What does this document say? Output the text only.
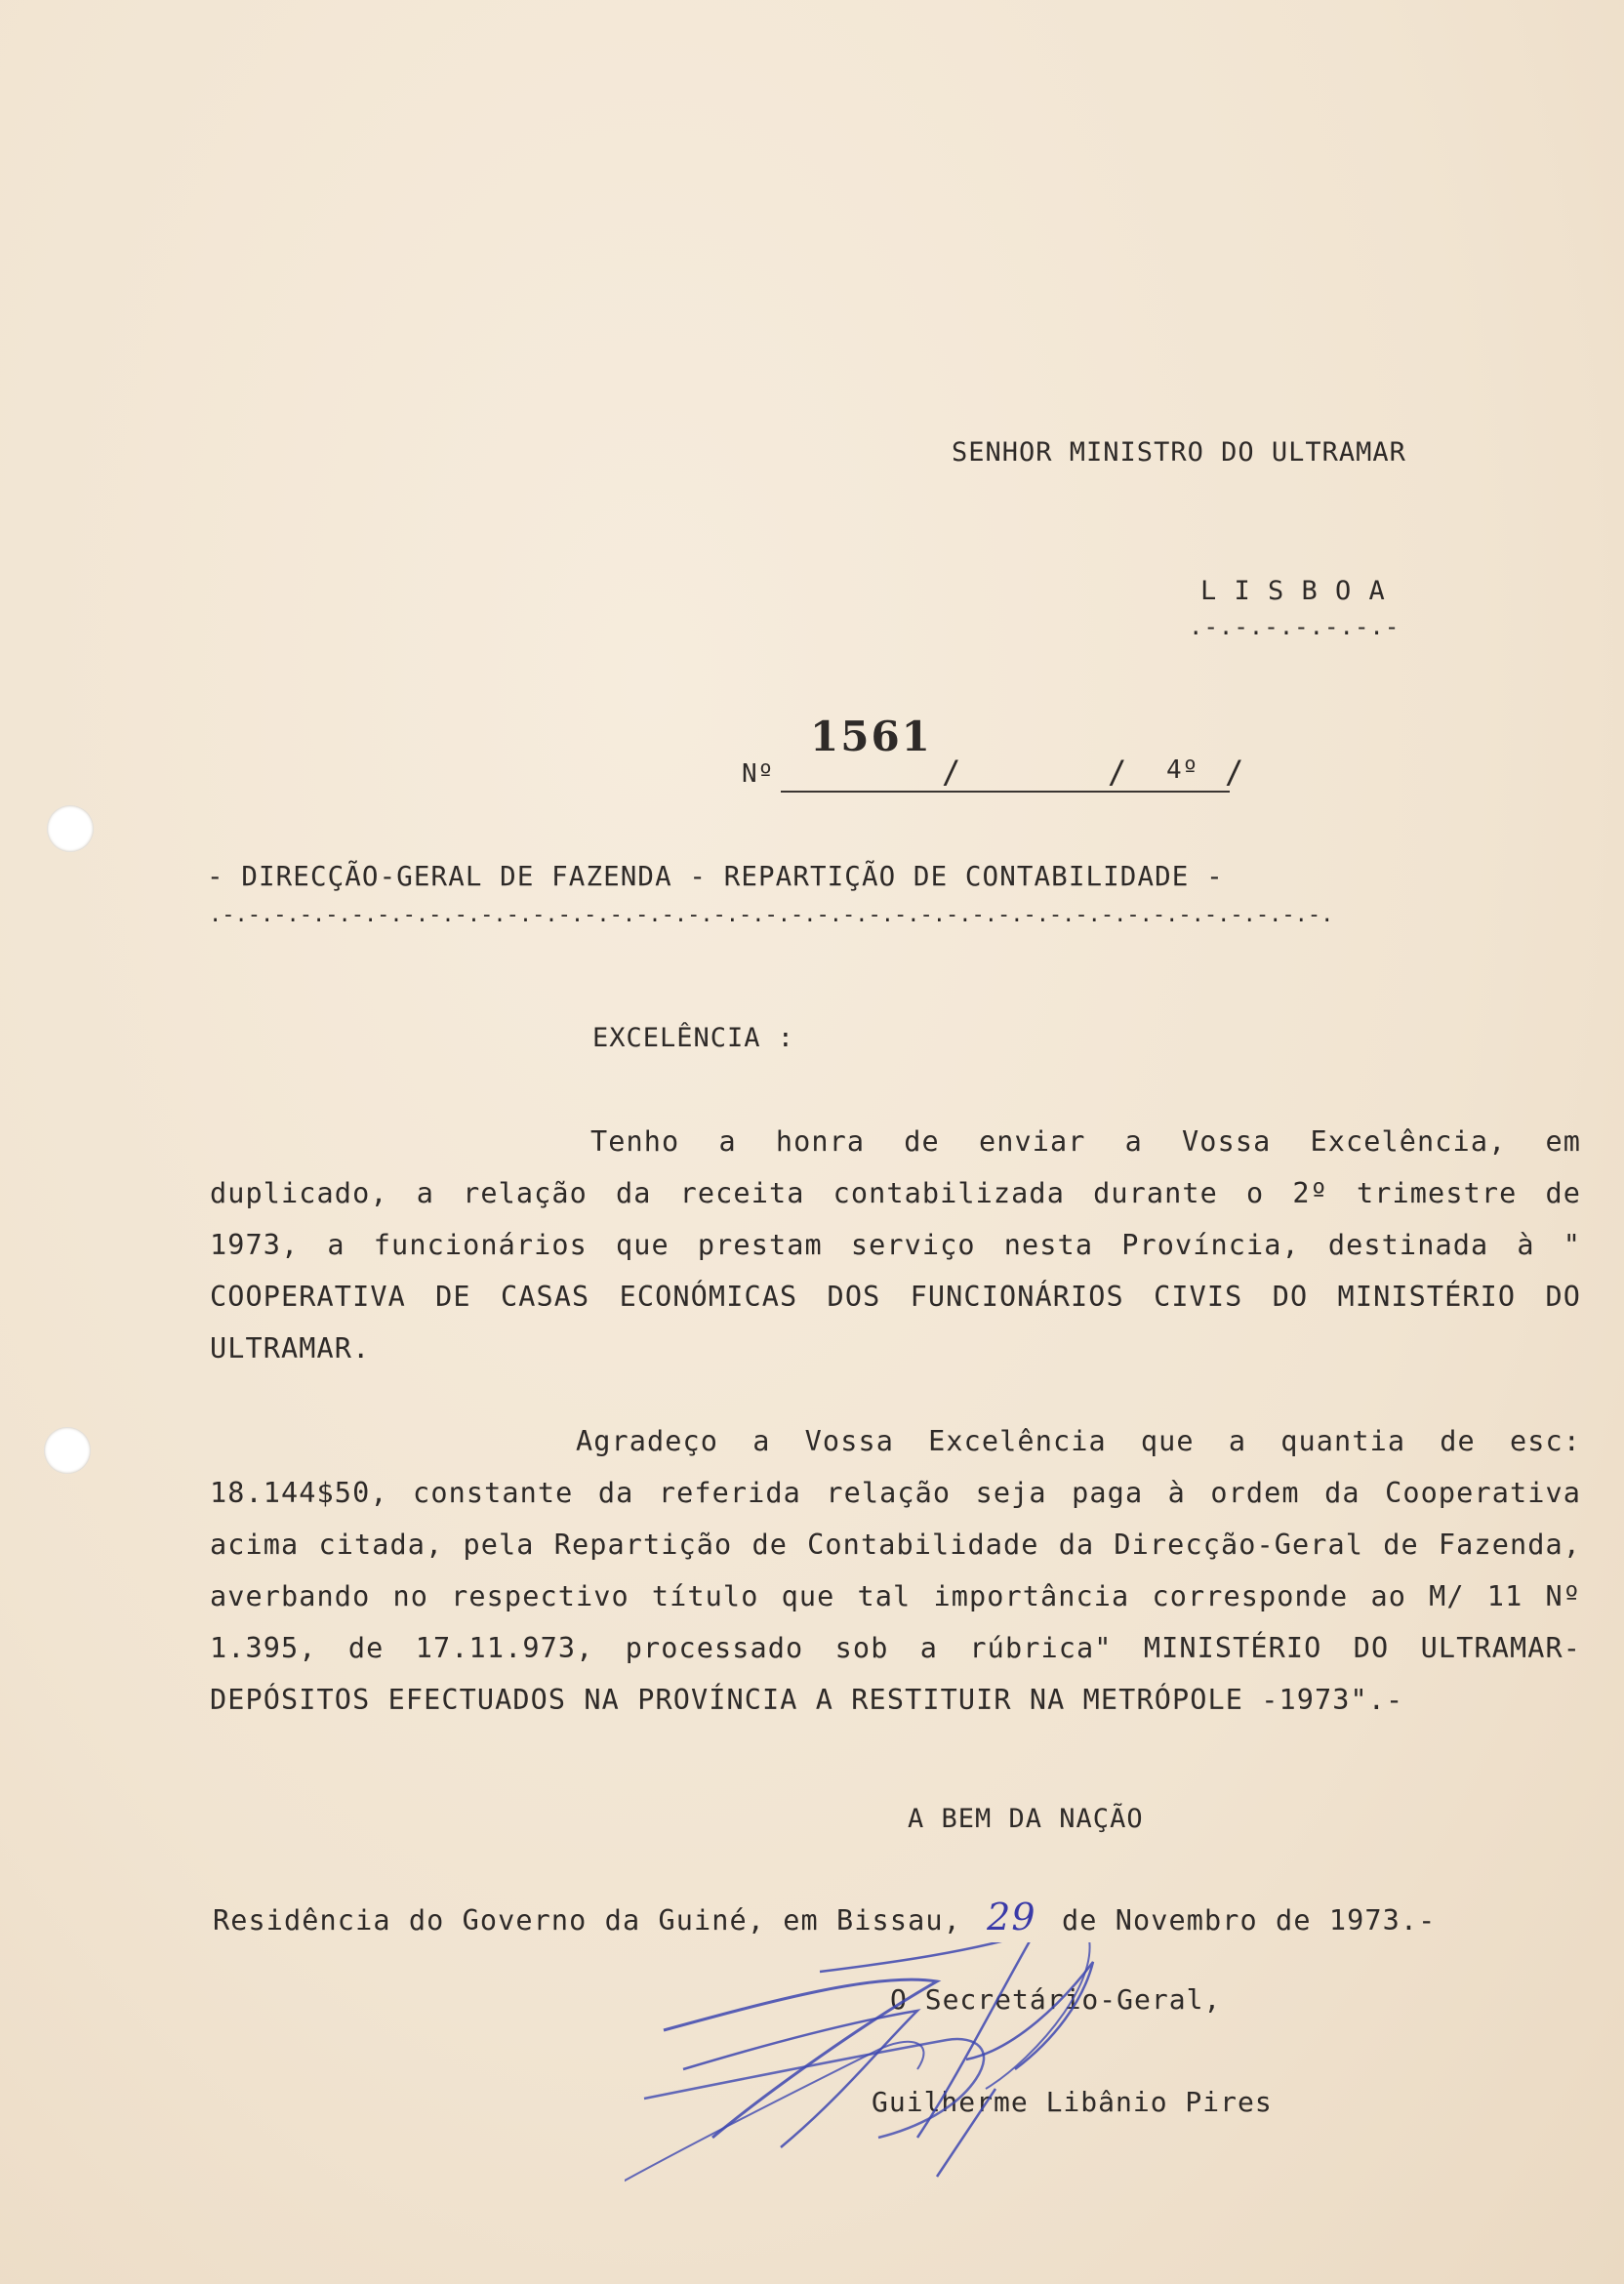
SENHOR MINISTRO DO ULTRAMAR
L I S B O A
.-.-.-.-.-.-.-
Nº
1561
/	/ 4º /
- DIRECÇÃO-GERAL DE FAZENDA - REPARTIÇÃO DE CONTABILIDADE -
.-.-.-.-.-.-.-.-.-.-.-.-.-.-.-.-.-.-.-.-.-.-.-.-.-.-.-.-.-.-.-.-.-.-.-.-.-.-.-.-.-.-.-.
EXCELÊNCIA :
Tenho a honra de enviar a Vossa Excelência, em duplicado, a relação da receita contabilizada durante o 2º trimestre de 1973, a funcionários que prestam serviço nesta Província, destinada à " COOPERATIVA DE CASAS ECONÓMICAS DOS FUNCIONÁRIOS CIVIS DO MINISTÉRIO DO ULTRAMAR.
Agradeço a Vossa Excelência que a quantia de esc: 18.144$50, constante da referida relação seja paga à ordem da Cooperativa acima citada, pela Repartição de Contabilidade da Direcção-Geral de Fazenda, averbando no respectivo título que tal importância corresponde ao M/ 11 Nº 1.395, de 17.11.973, processado sob a rúbrica" MINISTÉRIO DO ULTRAMAR- DEPÓSITOS EFECTUADOS NA PROVÍNCIA A RESTITUIR NA METRÓPOLE -1973".-
A BEM DA NAÇÃO
Residência do Governo da Guiné, em Bissau, 29 de Novembro de 1973.-
O Secretário-Geral,
Guilherme Libânio Pires
